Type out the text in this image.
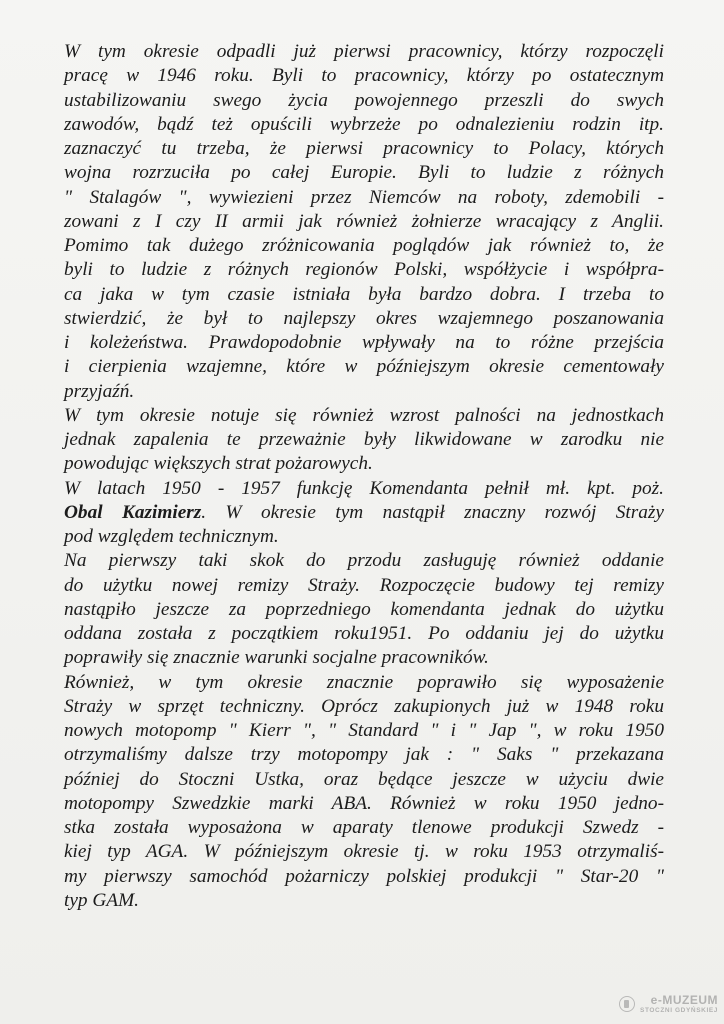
W tym okresie odpadli już pierwsi pracownicy, którzy rozpoczęli
pracę w 1946 roku. Byli to pracownicy, którzy po ostatecznym
ustabilizowaniu swego życia powojennego przeszli do swych
zawodów, bądź też opuścili wybrzeże po odnalezieniu rodzin itp.
zaznaczyć tu trzeba, że pierwsi pracownicy to Polacy, których
wojna rozrzuciła po całej Europie. Byli to ludzie z różnych
" Stalagów ", wywiezieni przez Niemców na roboty, zdemobili -
zowani z I czy II armii jak również żołnierze wracający z Anglii.
Pomimo tak dużego zróżnicowania poglądów jak również to, że
byli to ludzie z różnych regionów Polski, współżycie i współpra-
ca jaka w tym czasie istniała była bardzo dobra. I trzeba to
stwierdzić, że był to najlepszy okres wzajemnego poszanowania
i koleżeństwa. Prawdopodobnie wpływały na to różne przejścia
i cierpienia wzajemne, które w późniejszym okresie cementowały
przyjaźń.
W tym okresie notuje się również wzrost palności na jednostkach
jednak zapalenia te przeważnie były likwidowane w zarodku nie
powodując większych strat pożarowych.
W latach 1950 - 1957 funkcję Komendanta pełnił mł. kpt. poż.
Obal Kazimierz. W okresie tym nastąpił znaczny rozwój Straży
pod względem technicznym.
Na pierwszy taki skok do przodu zasługuję również oddanie
do użytku nowej remizy Straży. Rozpoczęcie budowy tej remizy
nastąpiło jeszcze za poprzedniego komendanta jednak do użytku
oddana została z początkiem roku1951. Po oddaniu jej do użytku
poprawiły się znacznie warunki socjalne pracowników.
Również, w tym okresie znacznie poprawiło się wyposażenie
Straży w sprzęt techniczny. Oprócz zakupionych już w 1948 roku
nowych motopomp " Kierr ", " Standard " i " Jap ", w roku 1950
otrzymaliśmy dalsze trzy motopompy jak : " Saks " przekazana
później do Stoczni Ustka, oraz będące jeszcze w użyciu dwie
motopompy Szwedzkie marki ABA. Również w roku 1950 jedno-
stka została wyposażona w aparaty tlenowe produkcji Szwedz -
kiej typ AGA. W późniejszym okresie tj. w roku 1953 otrzymaliś-
my pierwszy samochód pożarniczy polskiej produkcji " Star-20 "
typ GAM.
e-MUZEUM
STOCZNI GDYŃSKIEJ
